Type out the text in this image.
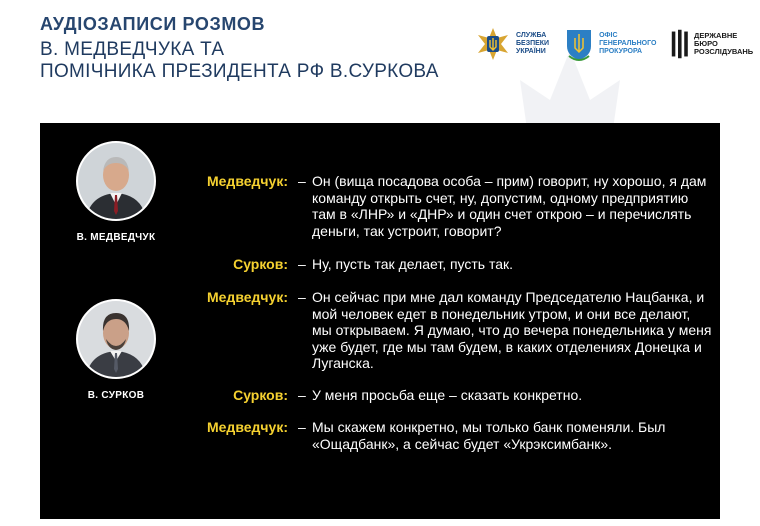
АУДІОЗАПИСИ РОЗМОВ
В. МЕДВЕДЧУКА ТА
ПОМІЧНИКА ПРЕЗИДЕНТА РФ В.СУРКОВА
СЛУЖБА
БЕЗПЕКИ
УКРАЇНИ
ОФІС
ГЕНЕРАЛЬНОГО
ПРОКУРОРА
ДЕРЖАВНЕ БЮРО
РОЗСЛІДУВАНЬ
В. МЕДВЕДЧУК
В. СУРКОВ
Медведчук: – Он (вища посадова особа – прим) говорит, ну хорошо, я дам команду открыть счет, ну, допустим, одному предприятию там в «ЛНР» и «ДНР» и один счет открою – и перечислять деньги, так устроит, говорит?
Сурков: – Ну, пусть так делает, пусть так.
Медведчук: – Он сейчас при мне дал команду Председателю Нацбанка, и мой человек едет в понедельник утром, и они все делают, мы открываем. Я думаю, что до вечера понедельника у меня уже будет, где мы там будем, в каких отделениях Донецка и Луганска.
Сурков: – У меня просьба еще – сказать конкретно.
Медведчук: – Мы скажем конкретно, мы только банк поменяли. Был «Ощадбанк», а сейчас будет «Укрэксимбанк».
